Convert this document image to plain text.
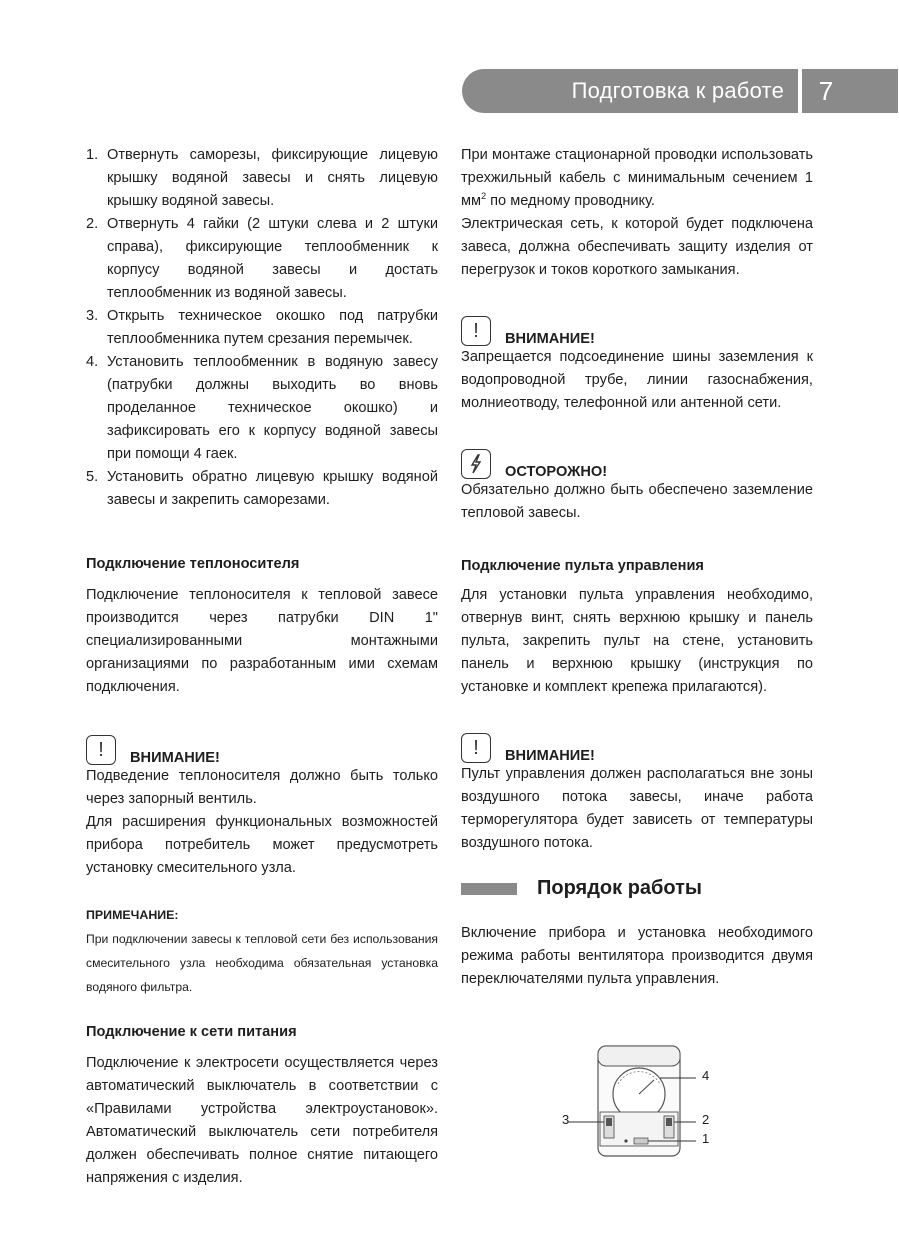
Подготовка к работе	7
1. Отвернуть саморезы, фиксирующие лицевую крышку водяной завесы и снять лицевую крышку водяной завесы.
2. Отвернуть 4 гайки (2 штуки слева и 2 штуки справа), фиксирующие теплообменник к корпусу водяной завесы и достать теплообменник из водяной завесы.
3. Открыть техническое окошко под патрубки теплообменника путем срезания перемычек.
4. Установить теплообменник в водяную завесу (патрубки должны выходить во вновь проделанное техническое окошко) и зафиксировать его к корпусу водяной завесы при помощи 4 гаек.
5. Установить обратно лицевую крышку водяной завесы и закрепить саморезами.

Подключение теплоносителя

Подключение теплоносителя к тепловой завесе производится через патрубки DIN 1" специализированными монтажными организациями по разработанным ими схемам подключения.

!	ВНИМАНИЕ!

Подведение теплоносителя должно быть только через запорный вентиль.

Для расширения функциональных возможностей прибора потребитель может предусмотреть установку смесительного узла.

ПРИМЕЧАНИЕ:

При подключении завесы к тепловой сети без использования смесительного узла необходима обязательная установка водяного фильтра.

Подключение к сети питания

Подключение к электросети осуществляется через автоматический выключатель в соответствии с «Правилами устройства электроустановок». Автоматический выключатель сети потребителя должен обеспечивать полное снятие питающего напряжения с изделия.

При монтаже стационарной проводки использовать трехжильный кабель с минимальным сечением 1 $мм^2$ по медному проводнику.

Электрическая сеть, к которой будет подключена завеса, должна обеспечивать защиту изделия от перегрузок и токов короткого замыкания.

!	ВНИМАНИЕ!

Запрещается подсоединение шины заземления к водопроводной трубе, линии газоснабжения, молниеотводу, телефонной или антенной сети.

ОСТОРОЖНО!

Обязательно должно быть обеспечено заземление тепловой завесы.

Подключение пульта управления

Для установки пульта управления необходимо, отвернув винт, снять верхнюю крышку и панель пульта, закрепить пульт на стене, установить панель и верхнюю крышку (инструкция по установке и комплект крепежа прилагаются).

!	ВНИМАНИЕ!

Пульт управления должен располагаться вне зоны воздушного потока завесы, иначе работа терморегулятора будет зависеть от температуры воздушного потока.

Порядок работы

Включение прибора и установка необходимого режима работы вентилятора производится двумя переключателями пульта управления.

4
3	2
1
